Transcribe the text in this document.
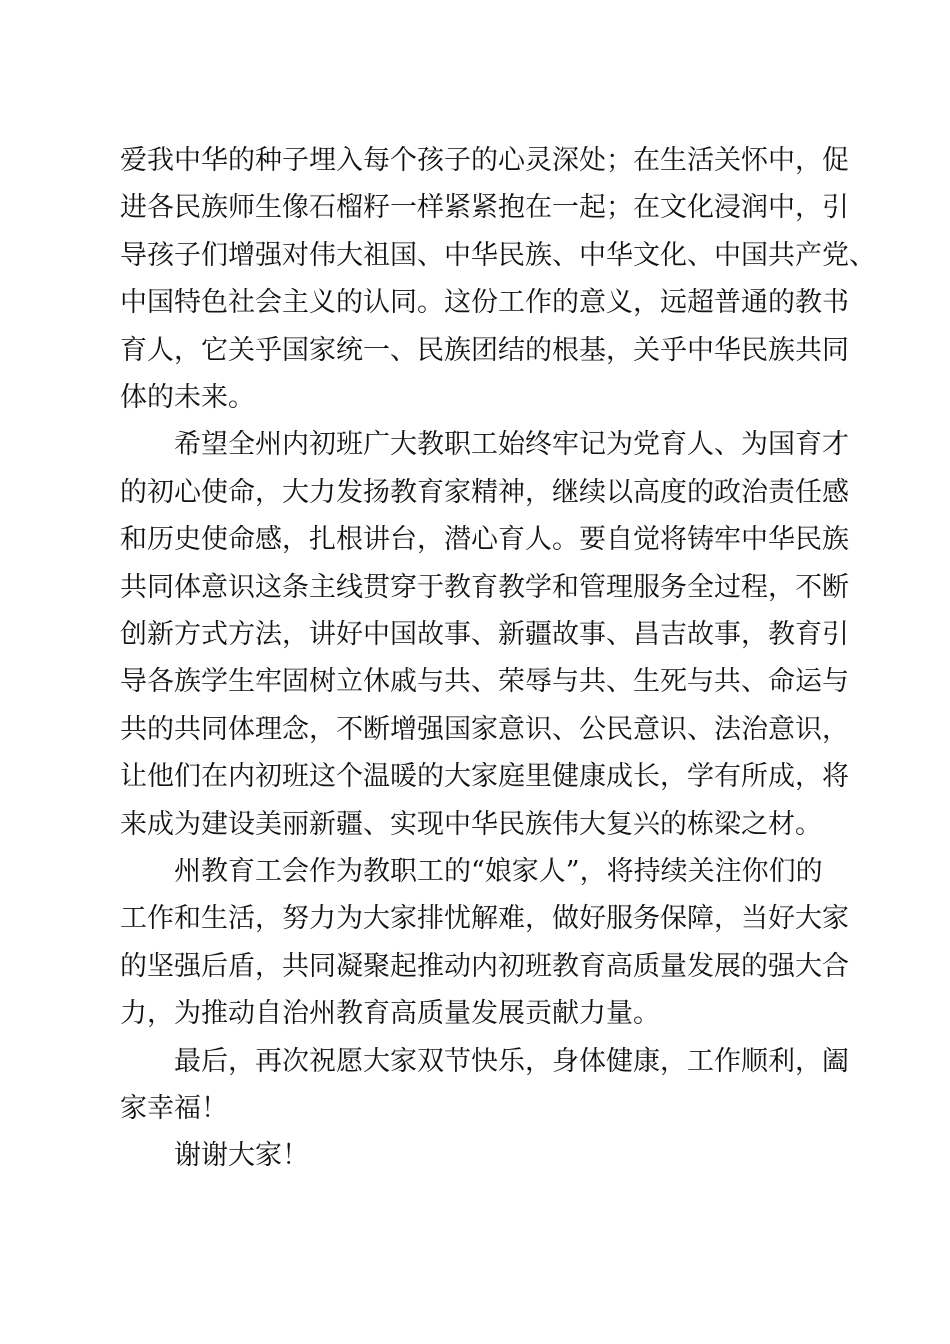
爱我中华的种子埋入每个孩子的心灵深处；在生活关怀中，促
进各民族师生像石榴籽一样紧紧抱在一起；在文化浸润中，引
导孩子们增强对伟大祖国、中华民族、中华文化、中国共产党、
中国特色社会主义的认同。这份工作的意义，远超普通的教书
育人，它关乎国家统一、民族团结的根基，关乎中华民族共同
体的未来。
希望全州内初班广大教职工始终牢记为党育人、为国育才
的初心使命，大力发扬教育家精神，继续以高度的政治责任感
和历史使命感，扎根讲台，潜心育人。要自觉将铸牢中华民族
共同体意识这条主线贯穿于教育教学和管理服务全过程，不断
创新方式方法，讲好中国故事、新疆故事、昌吉故事，教育引
导各族学生牢固树立休戚与共、荣辱与共、生死与共、命运与
共的共同体理念，不断增强国家意识、公民意识、法治意识，
让他们在内初班这个温暖的大家庭里健康成长，学有所成，将
来成为建设美丽新疆、实现中华民族伟大复兴的栋梁之材。
州教育工会作为教职工的“娘家人”，将持续关注你们的
工作和生活，努力为大家排忧解难，做好服务保障，当好大家
的坚强后盾，共同凝聚起推动内初班教育高质量发展的强大合
力，为推动自治州教育高质量发展贡献力量。
最后，再次祝愿大家双节快乐，身体健康，工作顺利，阖
家幸福！
谢谢大家！
